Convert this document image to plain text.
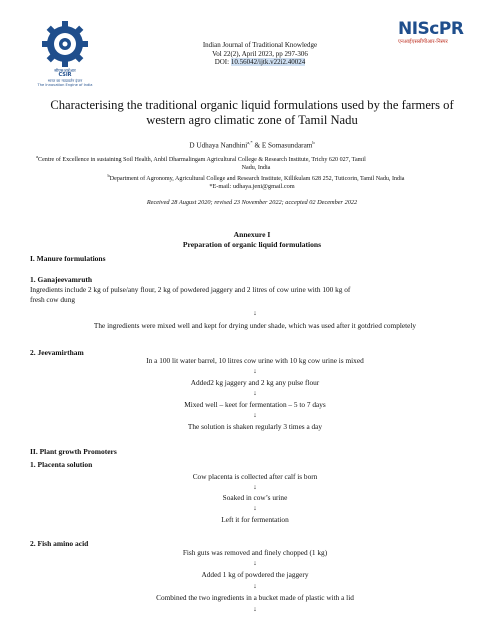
सीएसआईआर
CSIR
भारत का नवप्रवर्तन इंजन
The Innovation Engine of India
NIScPR
एनआईएससीपीआर-निस्पर
Indian Journal of Traditional Knowledge
Vol 22(2), April 2023, pp 297-306
DOI: 10.56042/ijtk.v22i2.40024
Characterising the traditional organic liquid formulations used by the farmers of
western agro climatic zone of Tamil Nadu
D Udhaya Nandhini$^{a,*}$ & E Somasundaram$^b$
$^a$Centre of Excellence in sustaining Soil Health, Anbil Dharmalingam Agricultural College & Research Institute, Trichy 620 027, Tamil
Nadu, India
$^b$Department of Agronomy, Agricultural College and Research Institute, Killikulam 628 252, Tuticorin, Tamil Nadu, India
*E-mail: udhaya.jeni@gmail.com
Received 28 August 2020; revised 23 November 2022; accepted 02 December 2022
Annexure I
Preparation of organic liquid formulations
I. Manure formulations
1. Ganajeevamruth
Ingredients include 2 kg of pulse/any flour, 2 kg of powdered jaggery and 2 litres of cow urine with 100 kg of
fresh cow dung
↓
The ingredients were mixed well and kept for drying under shade, which was used after it gotdried completely
2. Jeevamirtham
In a 100 lit water barrel, 10 litres cow urine with 10 kg cow urine is mixed
↓
Added2 kg jaggery and 2 kg any pulse flour
↓
Mixed well – keet for fermentation – 5 to 7 days
↓
The solution is shaken regularly 3 times a day
II. Plant growth Promoters
1. Placenta solution
Cow placenta is collected after calf is born
↓
Soaked in cow’s urine
↓
Left it for fermentation
2. Fish amino acid
Fish guts was removed and finely chopped (1 kg)
↓
Added 1 kg of powdered the jaggery
↓
Combined the two ingredients in a bucket made of plastic with a lid
↓
